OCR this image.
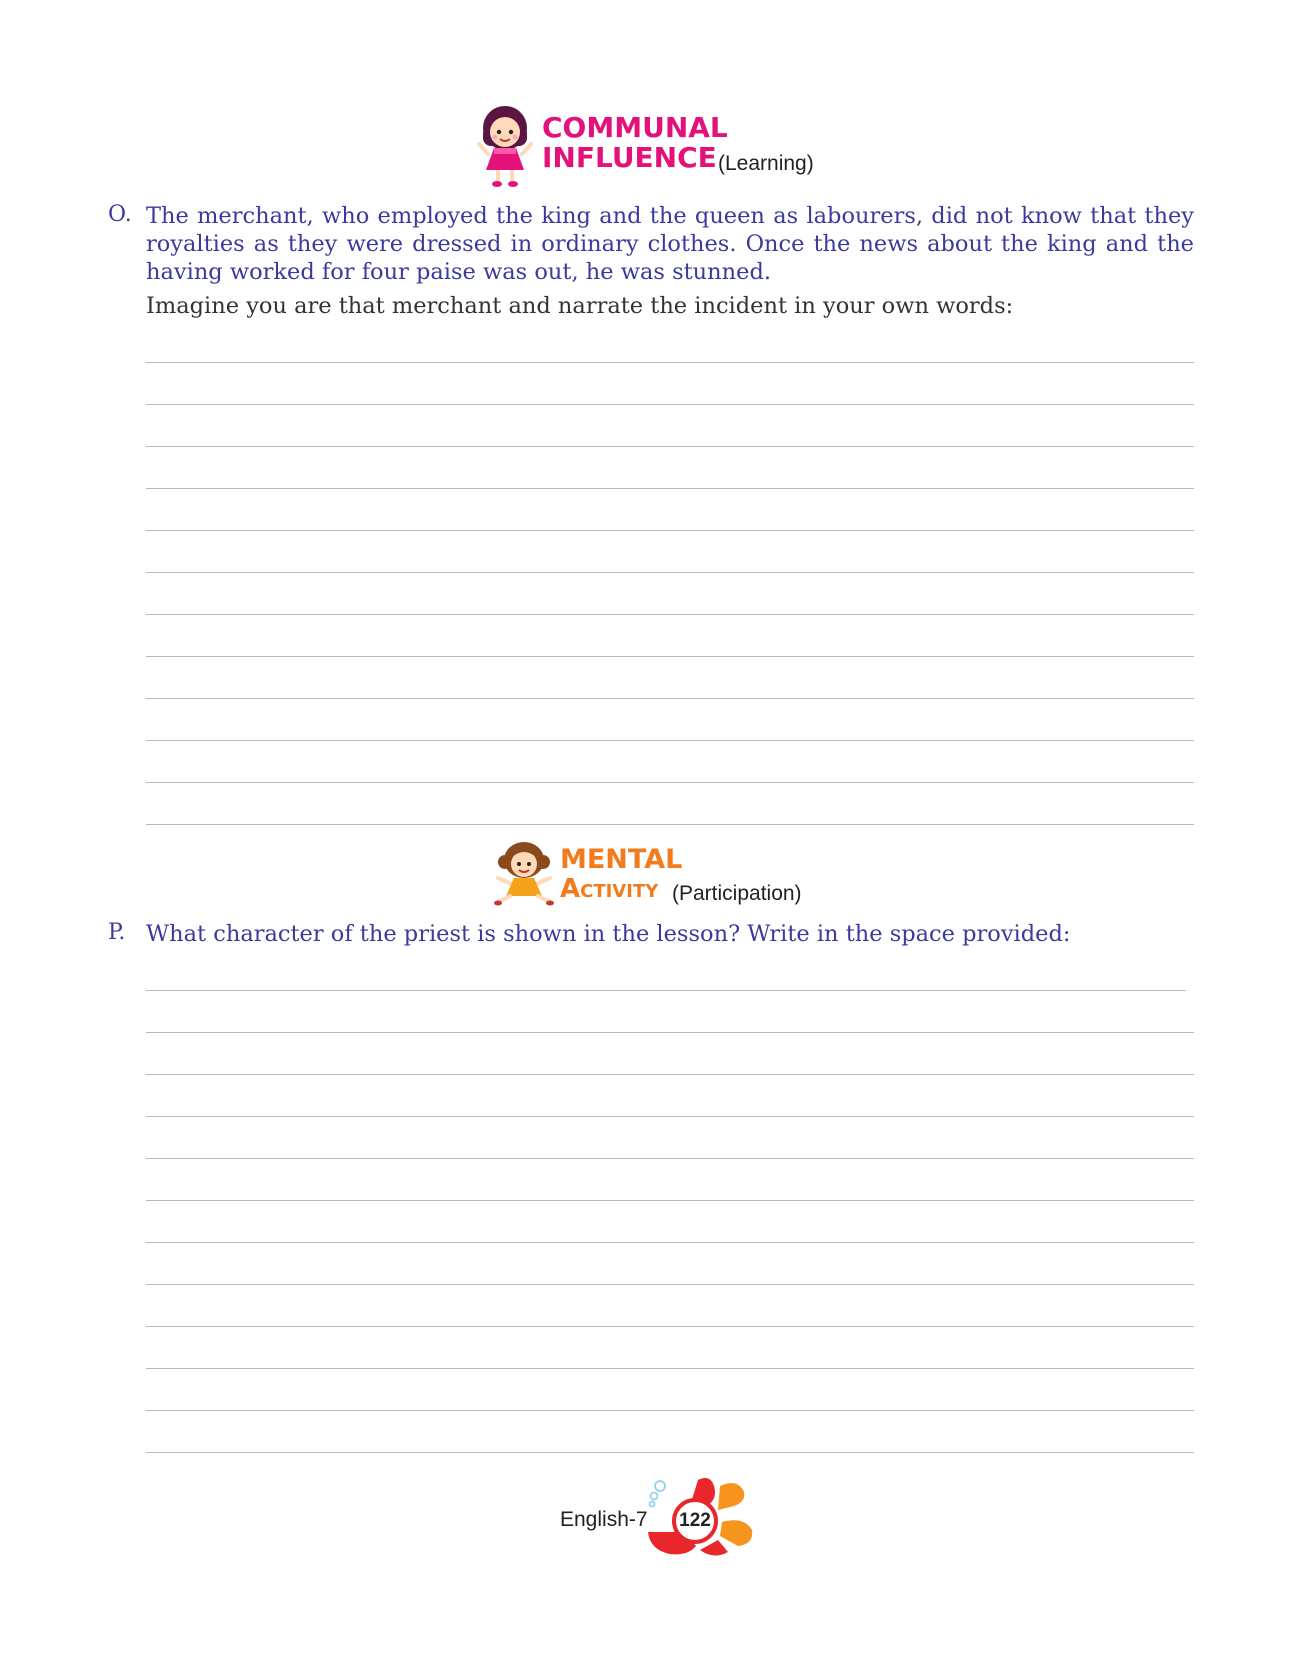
COMMUNAL
INFLUENCE (Learning)
O. The merchant, who employed the king and the queen as labourers, did not know that they
royalties as they were dressed in ordinary clothes. Once the news about the king and the
having worked for four paise was out, he was stunned.
Imagine you are that merchant and narrate the incident in your own words:
MENTAL
Activity (Participation)
P. What character of the priest is shown in the lesson? Write in the space provided:
English-7	122
